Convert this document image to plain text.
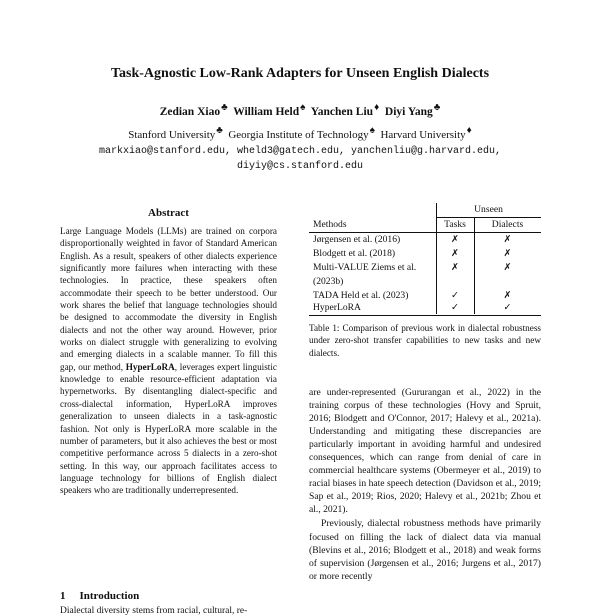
Task-Agnostic Low-Rank Adapters for Unseen English Dialects
Zedian Xiao♣ William Held♠ Yanchen Liu♦ Diyi Yang♣
Stanford University♣ Georgia Institute of Technology♠ Harvard University♦
markxiao@stanford.edu, wheld3@gatech.edu, yanchenliu@g.harvard.edu,
diyiy@cs.stanford.edu
Abstract
Large Language Models (LLMs) are trained on corpora disproportionally weighted in favor of Standard American English. As a result, speakers of other dialects experience significantly more failures when interacting with these technologies. In practice, these speakers often accommodate their speech to be better understood. Our work shares the belief that language technologies should be designed to accommodate the diversity in English dialects and not the other way around. However, prior works on dialect struggle with generalizing to evolving and emerging dialects in a scalable manner. To fill this gap, our method, HyperLoRA, leverages expert linguistic knowledge to enable resource-efficient adaptation via hypernetworks. By disentangling dialect-specific and cross-dialectal information, HyperLoRA improves generalization to unseen dialects in a task-agnostic fashion. Not only is HyperLoRA more scalable in the number of parameters, but it also achieves the best or most competitive performance across 5 dialects in a zero-shot setting. In this way, our approach facilitates access to language technology for billions of English dialect speakers who are traditionally underrepresented.
1 Introduction
Dialectal diversity stems from racial, cultural, re-
Unseen
Methods	Tasks	Dialects
Jørgensen et al. (2016)	✗	✗
Blodgett et al. (2018)	✗	✗
Multi-VALUE Ziems et al.	✗	✗
(2023b)
TADA Held et al. (2023)	✓	✗
HyperLoRA	✓	✓
Table 1: Comparison of previous work in dialectal robustness under zero-shot transfer capabilities to new tasks and new dialects.

are under-represented (Gururangan et al., 2022) in the training corpus of these technologies (Hovy and Spruit, 2016; Blodgett and O'Connor, 2017; Halevy et al., 2021a). Understanding and mitigating these discrepancies are particularly important in avoiding harmful and undesired consequences, which can range from denial of care in commercial healthcare systems (Obermeyer et al., 2019) to racial biases in hate speech detection (Davidson et al., 2019; Sap et al., 2019; Rios, 2020; Halevy et al., 2021b; Zhou et al., 2021).

Previously, dialectal robustness methods have primarily focused on filling the lack of dialect data via manual (Blevins et al., 2016; Blodgett et al., 2018) and weak forms of supervision (Jørgensen et al., 2016; Jurgens et al., 2017) or more recently
